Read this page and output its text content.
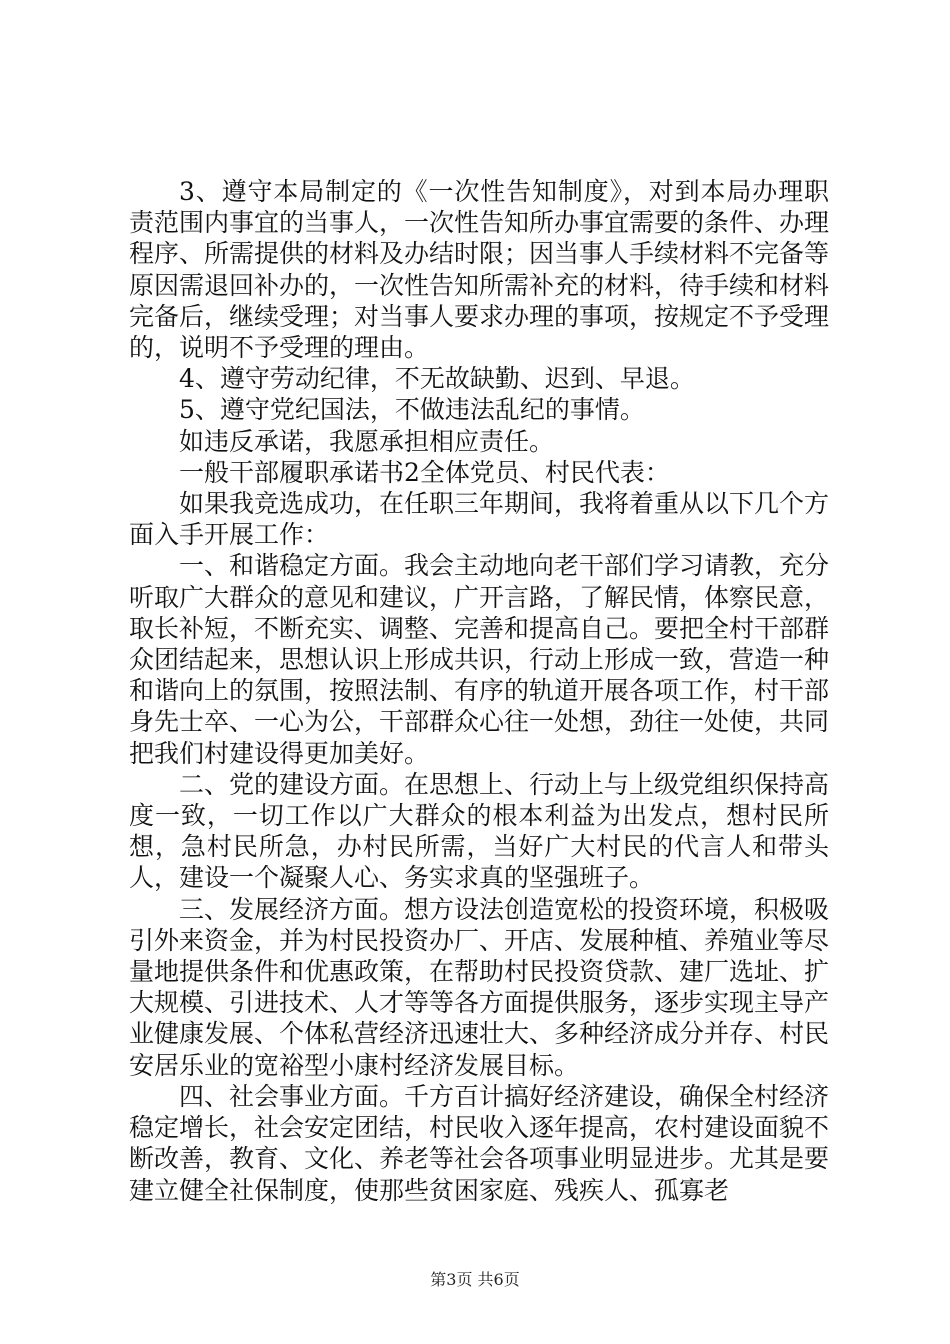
3、遵守本局制定的《一次性告知制度》，对到本局办理职责范围内事宜的当事人，一次性告知所办事宜需要的条件、办理程序、所需提供的材料及办结时限；因当事人手续材料不完备等原因需退回补办的，一次性告知所需补充的材料，待手续和材料完备后，继续受理；对当事人要求办理的事项，按规定不予受理的，说明不予受理的理由。

4、遵守劳动纪律，不无故缺勤、迟到、早退。

5、遵守党纪国法，不做违法乱纪的事情。

如违反承诺，我愿承担相应责任。

一般干部履职承诺书2全体党员、村民代表：

如果我竞选成功，在任职三年期间，我将着重从以下几个方面入手开展工作：

一、和谐稳定方面。我会主动地向老干部们学习请教，充分听取广大群众的意见和建议，广开言路，了解民情，体察民意，取长补短，不断充实、调整、完善和提高自己。要把全村干部群众团结起来，思想认识上形成共识，行动上形成一致，营造一种和谐向上的氛围，按照法制、有序的轨道开展各项工作，村干部身先士卒、一心为公，干部群众心往一处想，劲往一处使，共同把我们村建设得更加美好。

二、党的建设方面。在思想上、行动上与上级党组织保持高度一致，一切工作以广大群众的根本利益为出发点，想村民所想，急村民所急，办村民所需，当好广大村民的代言人和带头人，建设一个凝聚人心、务实求真的坚强班子。

三、发展经济方面。想方设法创造宽松的投资环境，积极吸引外来资金，并为村民投资办厂、开店、发展种植、养殖业等尽量地提供条件和优惠政策，在帮助村民投资贷款、建厂选址、扩大规模、引进技术、人才等等各方面提供服务，逐步实现主导产业健康发展、个体私营经济迅速壮大、多种经济成分并存、村民安居乐业的宽裕型小康村经济发展目标。

四、社会事业方面。千方百计搞好经济建设，确保全村经济稳定增长，社会安定团结，村民收入逐年提高，农村建设面貌不断改善，教育、文化、养老等社会各项事业明显进步。尤其是要建立健全社保制度，使那些贫困家庭、残疾人、孤寡老

第3页 共6页
